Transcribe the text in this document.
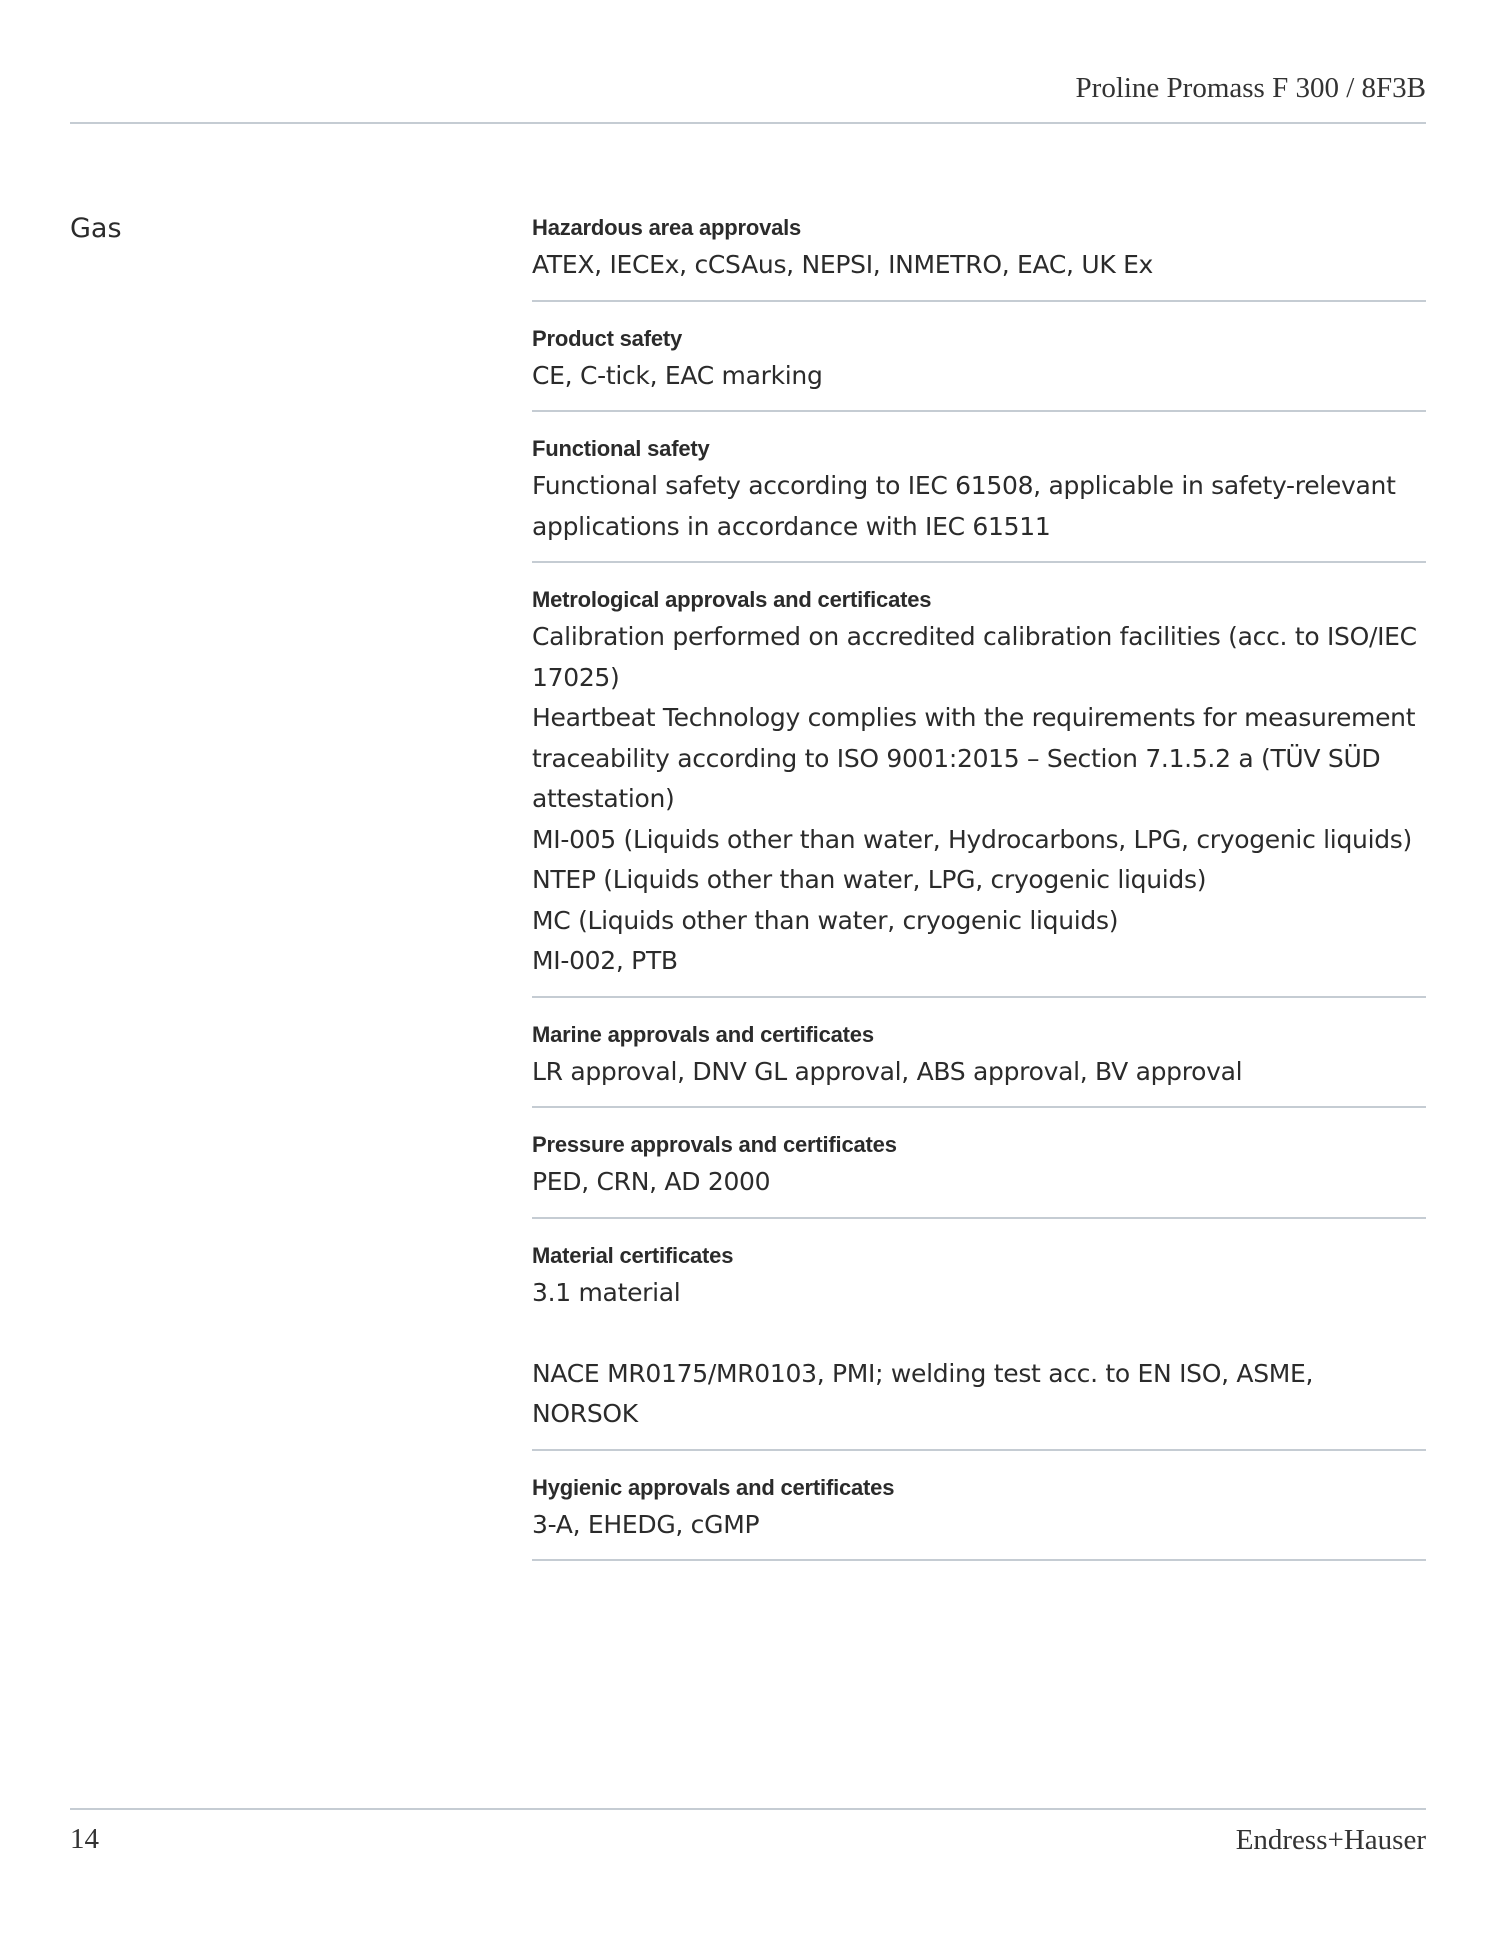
Proline Promass F 300 / 8F3B
Gas	Hazardous area approvals
ATEX, IECEx, cCSAus, NEPSI, INMETRO, EAC, UK Ex
Product safety
CE, C-tick, EAC marking
Functional safety
Functional safety according to IEC 61508, applicable in safety-relevant
applications in accordance with IEC 61511
Metrological approvals and certificates
Calibration performed on accredited calibration facilities (acc. to ISO/IEC
17025)
Heartbeat Technology complies with the requirements for measurement
traceability according to ISO 9001:2015 – Section 7.1.5.2 a (TÜV SÜD
attestation)
MI-005 (Liquids other than water, Hydrocarbons, LPG, cryogenic liquids)
NTEP (Liquids other than water, LPG, cryogenic liquids)
MC (Liquids other than water, cryogenic liquids)
MI-002, PTB
Marine approvals and certificates
LR approval, DNV GL approval, ABS approval, BV approval
Pressure approvals and certificates
PED, CRN, AD 2000
Material certificates
3.1 material
NACE MR0175/MR0103, PMI; welding test acc. to EN ISO, ASME,
NORSOK
Hygienic approvals and certificates
3-A, EHEDG, cGMP
14	Endress+Hauser
